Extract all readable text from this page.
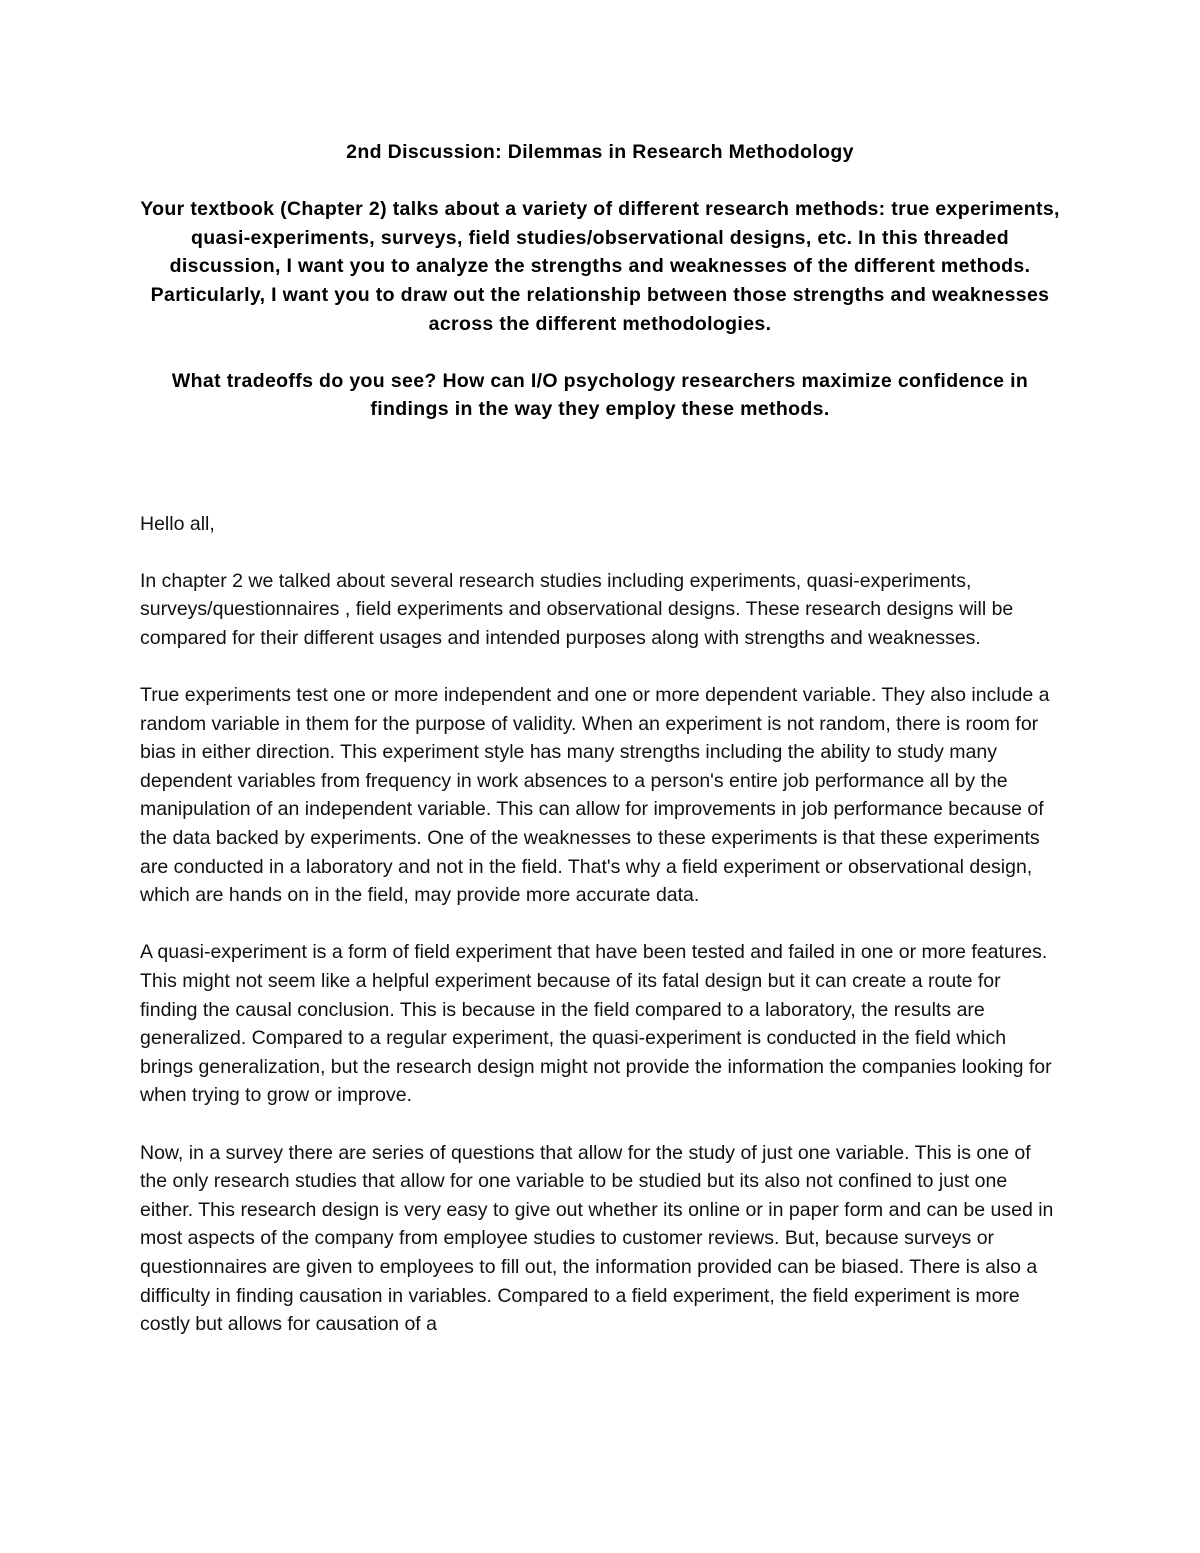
2nd Discussion: Dilemmas in Research Methodology
Your textbook (Chapter 2) talks about a variety of different research methods: true experiments, quasi-experiments, surveys, field studies/observational designs, etc. In this threaded discussion, I want you to analyze the strengths and weaknesses of the different methods. Particularly, I want you to draw out the relationship between those strengths and weaknesses across the different methodologies.
What tradeoffs do you see? How can I/O psychology researchers maximize confidence in findings in the way they employ these methods.

Hello all,

In chapter 2 we talked about several research studies including experiments, quasi-experiments, surveys/questionnaires , field experiments and observational designs. These research designs will be compared for their different usages and intended purposes along with strengths and weaknesses.

True experiments test one or more independent and one or more dependent variable. They also include a random variable in them for the purpose of validity. When an experiment is not random, there is room for bias in either direction. This experiment style has many strengths including the ability to study many dependent variables from frequency in work absences to a person's entire job performance all by the manipulation of an independent variable. This can allow for improvements in job performance because of the data backed by experiments. One of the weaknesses to these experiments is that these experiments are conducted in a laboratory and not in the field. That's why a field experiment or observational design, which are hands on in the field, may provide more accurate data.

A quasi-experiment is a form of field experiment that have been tested and failed in one or more features. This might not seem like a helpful experiment because of its fatal design but it can create a route for finding the causal conclusion. This is because in the field compared to a laboratory, the results are generalized. Compared to a regular experiment, the quasi-experiment is conducted in the field which brings generalization, but the research design might not provide the information the companies looking for when trying to grow or improve.

Now, in a survey there are series of questions that allow for the study of just one variable. This is one of the only research studies that allow for one variable to be studied but its also not confined to just one either. This research design is very easy to give out whether its online or in paper form and can be used in most aspects of the company from employee studies to customer reviews. But, because surveys or questionnaires are given to employees to fill out, the information provided can be biased. There is also a difficulty in finding causation in variables. Compared to a field experiment, the field experiment is more costly but allows for causation of a
